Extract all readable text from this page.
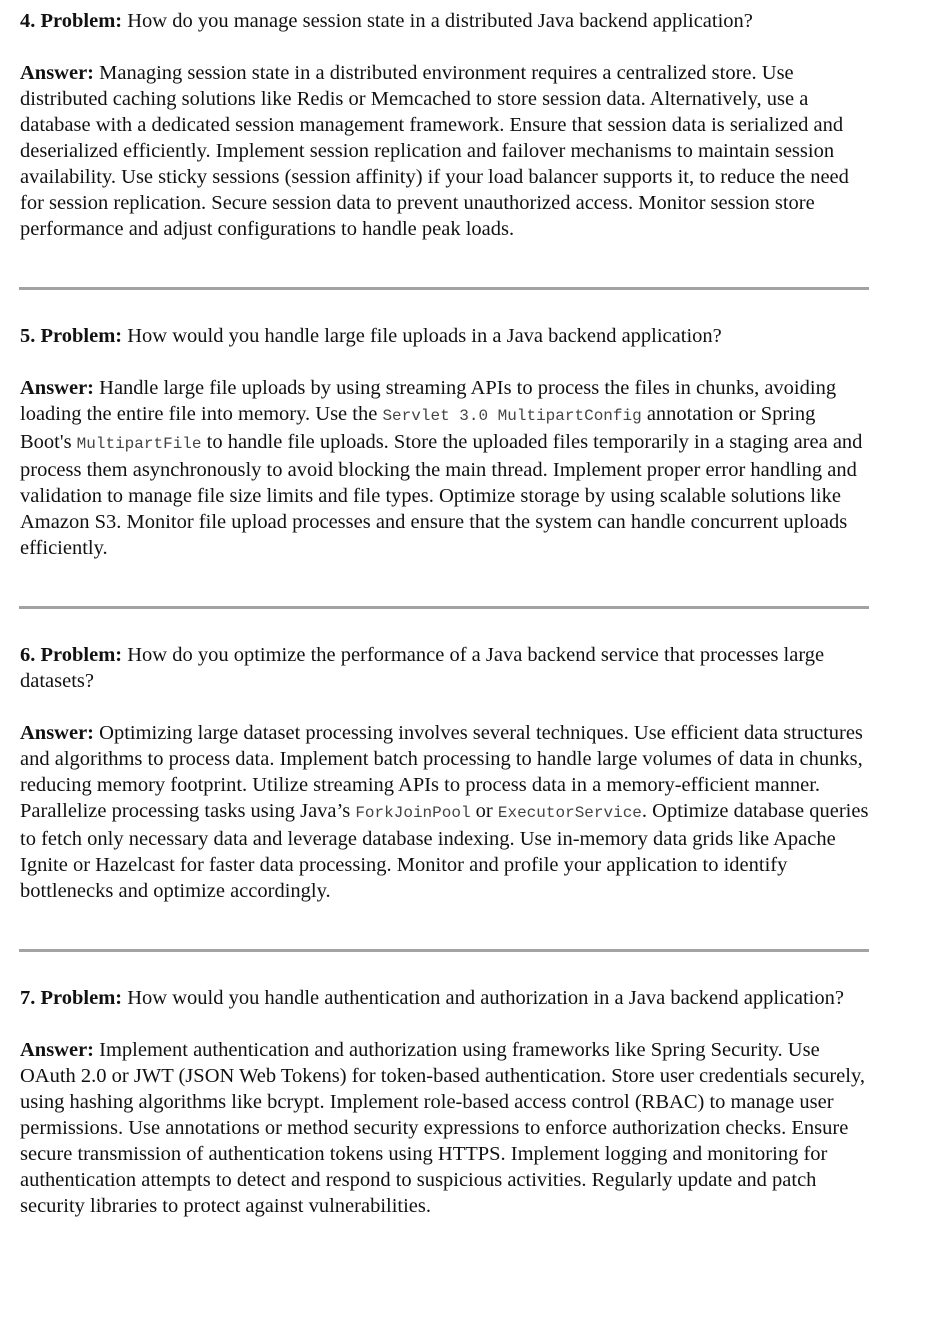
4. Problem: How do you manage session state in a distributed Java backend application?

Answer: Managing session state in a distributed environment requires a centralized store. Use distributed caching solutions like Redis or Memcached to store session data. Alternatively, use a database with a dedicated session management framework. Ensure that session data is serialized and deserialized efficiently. Implement session replication and failover mechanisms to maintain session availability. Use sticky sessions (session affinity) if your load balancer supports it, to reduce the need for session replication. Secure session data to prevent unauthorized access. Monitor session store performance and adjust configurations to handle peak loads.

5. Problem: How would you handle large file uploads in a Java backend application?

Answer: Handle large file uploads by using streaming APIs to process the files in chunks, avoiding loading the entire file into memory. Use the Servlet 3.0 MultipartConfig annotation or Spring Boot's MultipartFile to handle file uploads. Store the uploaded files temporarily in a staging area and process them asynchronously to avoid blocking the main thread. Implement proper error handling and validation to manage file size limits and file types. Optimize storage by using scalable solutions like Amazon S3. Monitor file upload processes and ensure that the system can handle concurrent uploads efficiently.

6. Problem: How do you optimize the performance of a Java backend service that processes large datasets?

Answer: Optimizing large dataset processing involves several techniques. Use efficient data structures and algorithms to process data. Implement batch processing to handle large volumes of data in chunks, reducing memory footprint. Utilize streaming APIs to process data in a memory-efficient manner. Parallelize processing tasks using Java’s ForkJoinPool or ExecutorService. Optimize database queries to fetch only necessary data and leverage database indexing. Use in-memory data grids like Apache Ignite or Hazelcast for faster data processing. Monitor and profile your application to identify bottlenecks and optimize accordingly.

7. Problem: How would you handle authentication and authorization in a Java backend application?

Answer: Implement authentication and authorization using frameworks like Spring Security. Use OAuth 2.0 or JWT (JSON Web Tokens) for token-based authentication. Store user credentials securely, using hashing algorithms like bcrypt. Implement role-based access control (RBAC) to manage user permissions. Use annotations or method security expressions to enforce authorization checks. Ensure secure transmission of authentication tokens using HTTPS. Implement logging and monitoring for authentication attempts to detect and respond to suspicious activities. Regularly update and patch security libraries to protect against vulnerabilities.
